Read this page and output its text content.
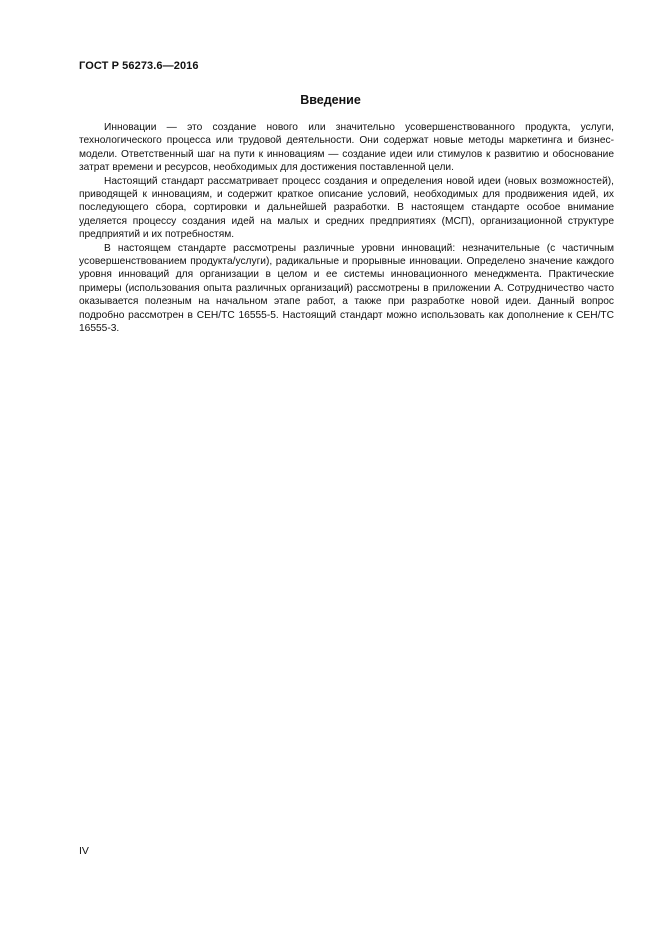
ГОСТ Р 56273.6—2016
Введение

Инновации — это создание нового или значительно усовершенствованного продукта, услуги, технологического процесса или трудовой деятельности. Они содержат новые методы маркетинга и бизнес-модели. Ответственный шаг на пути к инновациям — создание идеи или стимулов к развитию и обоснование затрат времени и ресурсов, необходимых для достижения поставленной цели.

Настоящий стандарт рассматривает процесс создания и определения новой идеи (новых возможностей), приводящей к инновациям, и содержит краткое описание условий, необходимых для продвижения идей, их последующего сбора, сортировки и дальнейшей разработки. В настоящем стандарте особое внимание уделяется процессу создания идей на малых и средних предприятиях (МСП), организационной структуре предприятий и их потребностям.

В настоящем стандарте рассмотрены различные уровни инноваций: незначительные (с частичным усовершенствованием продукта/услуги), радикальные и прорывные инновации. Определено значение каждого уровня инноваций для организации в целом и ее системы инновационного менеджмента. Практические примеры (использования опыта различных организаций) рассмотрены в приложении А. Сотрудничество часто оказывается полезным на начальном этапе работ, а также при разработке новой идеи. Данный вопрос подробно рассмотрен в СЕН/ТС 16555-5. Настоящий стандарт можно использовать как дополнение к СЕН/ТС 16555-3.

IV
